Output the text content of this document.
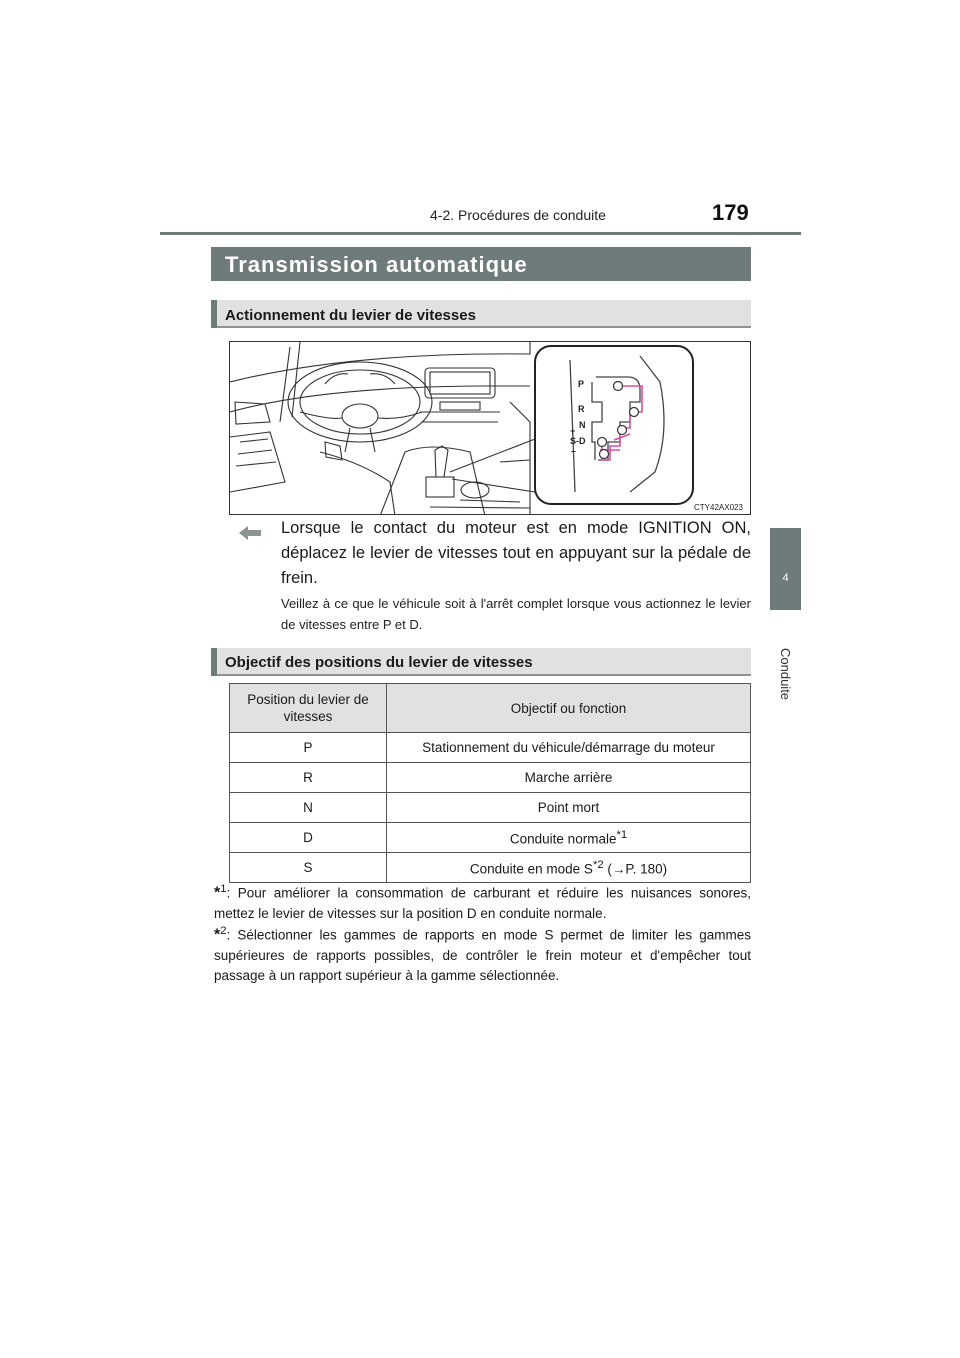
4-2. Procédures de conduite	179
4
Conduite
Transmission automatique
Actionnement du levier de vitesses
P
R
N
+
S-D
–
CTY42AX023
Lorsque le contact du moteur est en mode IGNITION ON, déplacez le levier de vitesses tout en appuyant sur la pédale de frein.
Veillez à ce que le véhicule soit à l'arrêt complet lorsque vous actionnez le levier de vitesses entre P et D.
Objectif des positions du levier de vitesses
Position du levier de vitesses	Objectif ou fonction
P	Stationnement du véhicule/démarrage du moteur
R	Marche arrière
N	Point mort
D	Conduite normale$^{*1}$
S	Conduite en mode $S^{*2}$ (→P. 180)
*$^1$: Pour améliorer la consommation de carburant et réduire les nuisances sonores, mettez le levier de vitesses sur la position D en conduite normale.
*$^2$: Sélectionner les gammes de rapports en mode S permet de limiter les gammes supérieures de rapports possibles, de contrôler le frein moteur et d'empêcher tout passage à un rapport supérieur à la gamme sélectionnée.
